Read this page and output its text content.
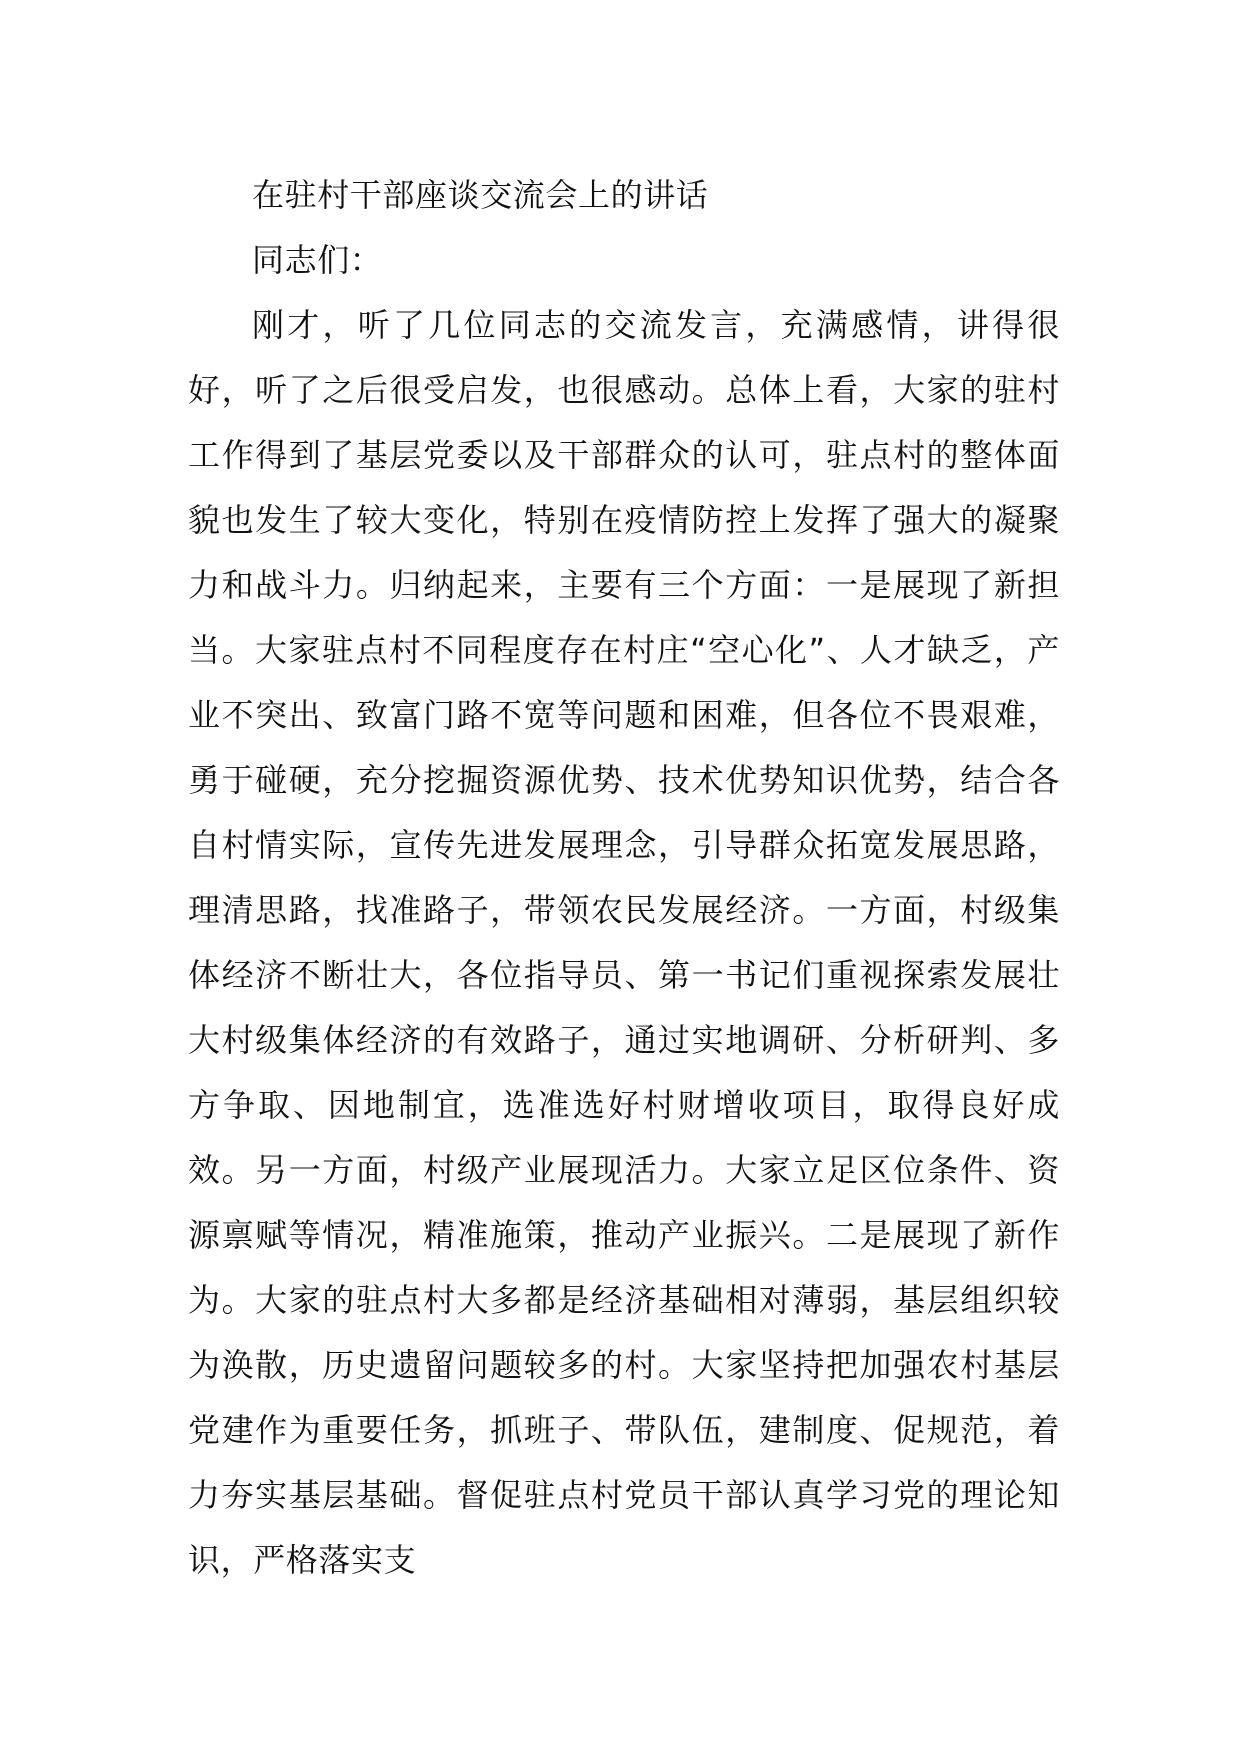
在驻村干部座谈交流会上的讲话

同志们：

刚才，听了几位同志的交流发言，充满感情，讲得很好，听了之后很受启发，也很感动。总体上看，大家的驻村工作得到了基层党委以及干部群众的认可，驻点村的整体面貌也发生了较大变化，特别在疫情防控上发挥了强大的凝聚力和战斗力。归纳起来，主要有三个方面：一是展现了新担当。大家驻点村不同程度存在村庄“空心化”、人才缺乏，产业不突出、致富门路不宽等问题和困难，但各位不畏艰难，勇于碰硬，充分挖掘资源优势、技术优势知识优势，结合各自村情实际，宣传先进发展理念，引导群众拓宽发展思路，理清思路，找准路子，带领农民发展经济。一方面，村级集体经济不断壮大，各位指导员、第一书记们重视探索发展壮大村级集体经济的有效路子，通过实地调研、分析研判、多方争取、因地制宜，选准选好村财增收项目，取得良好成效。另一方面，村级产业展现活力。大家立足区位条件、资源禀赋等情况，精准施策，推动产业振兴。二是展现了新作为。大家的驻点村大多都是经济基础相对薄弱，基层组织较为涣散，历史遗留问题较多的村。大家坚持把加强农村基层党建作为重要任务，抓班子、带队伍，建制度、促规范，着力夯实基层基础。督促驻点村党员干部认真学习党的理论知识，严格落实支
